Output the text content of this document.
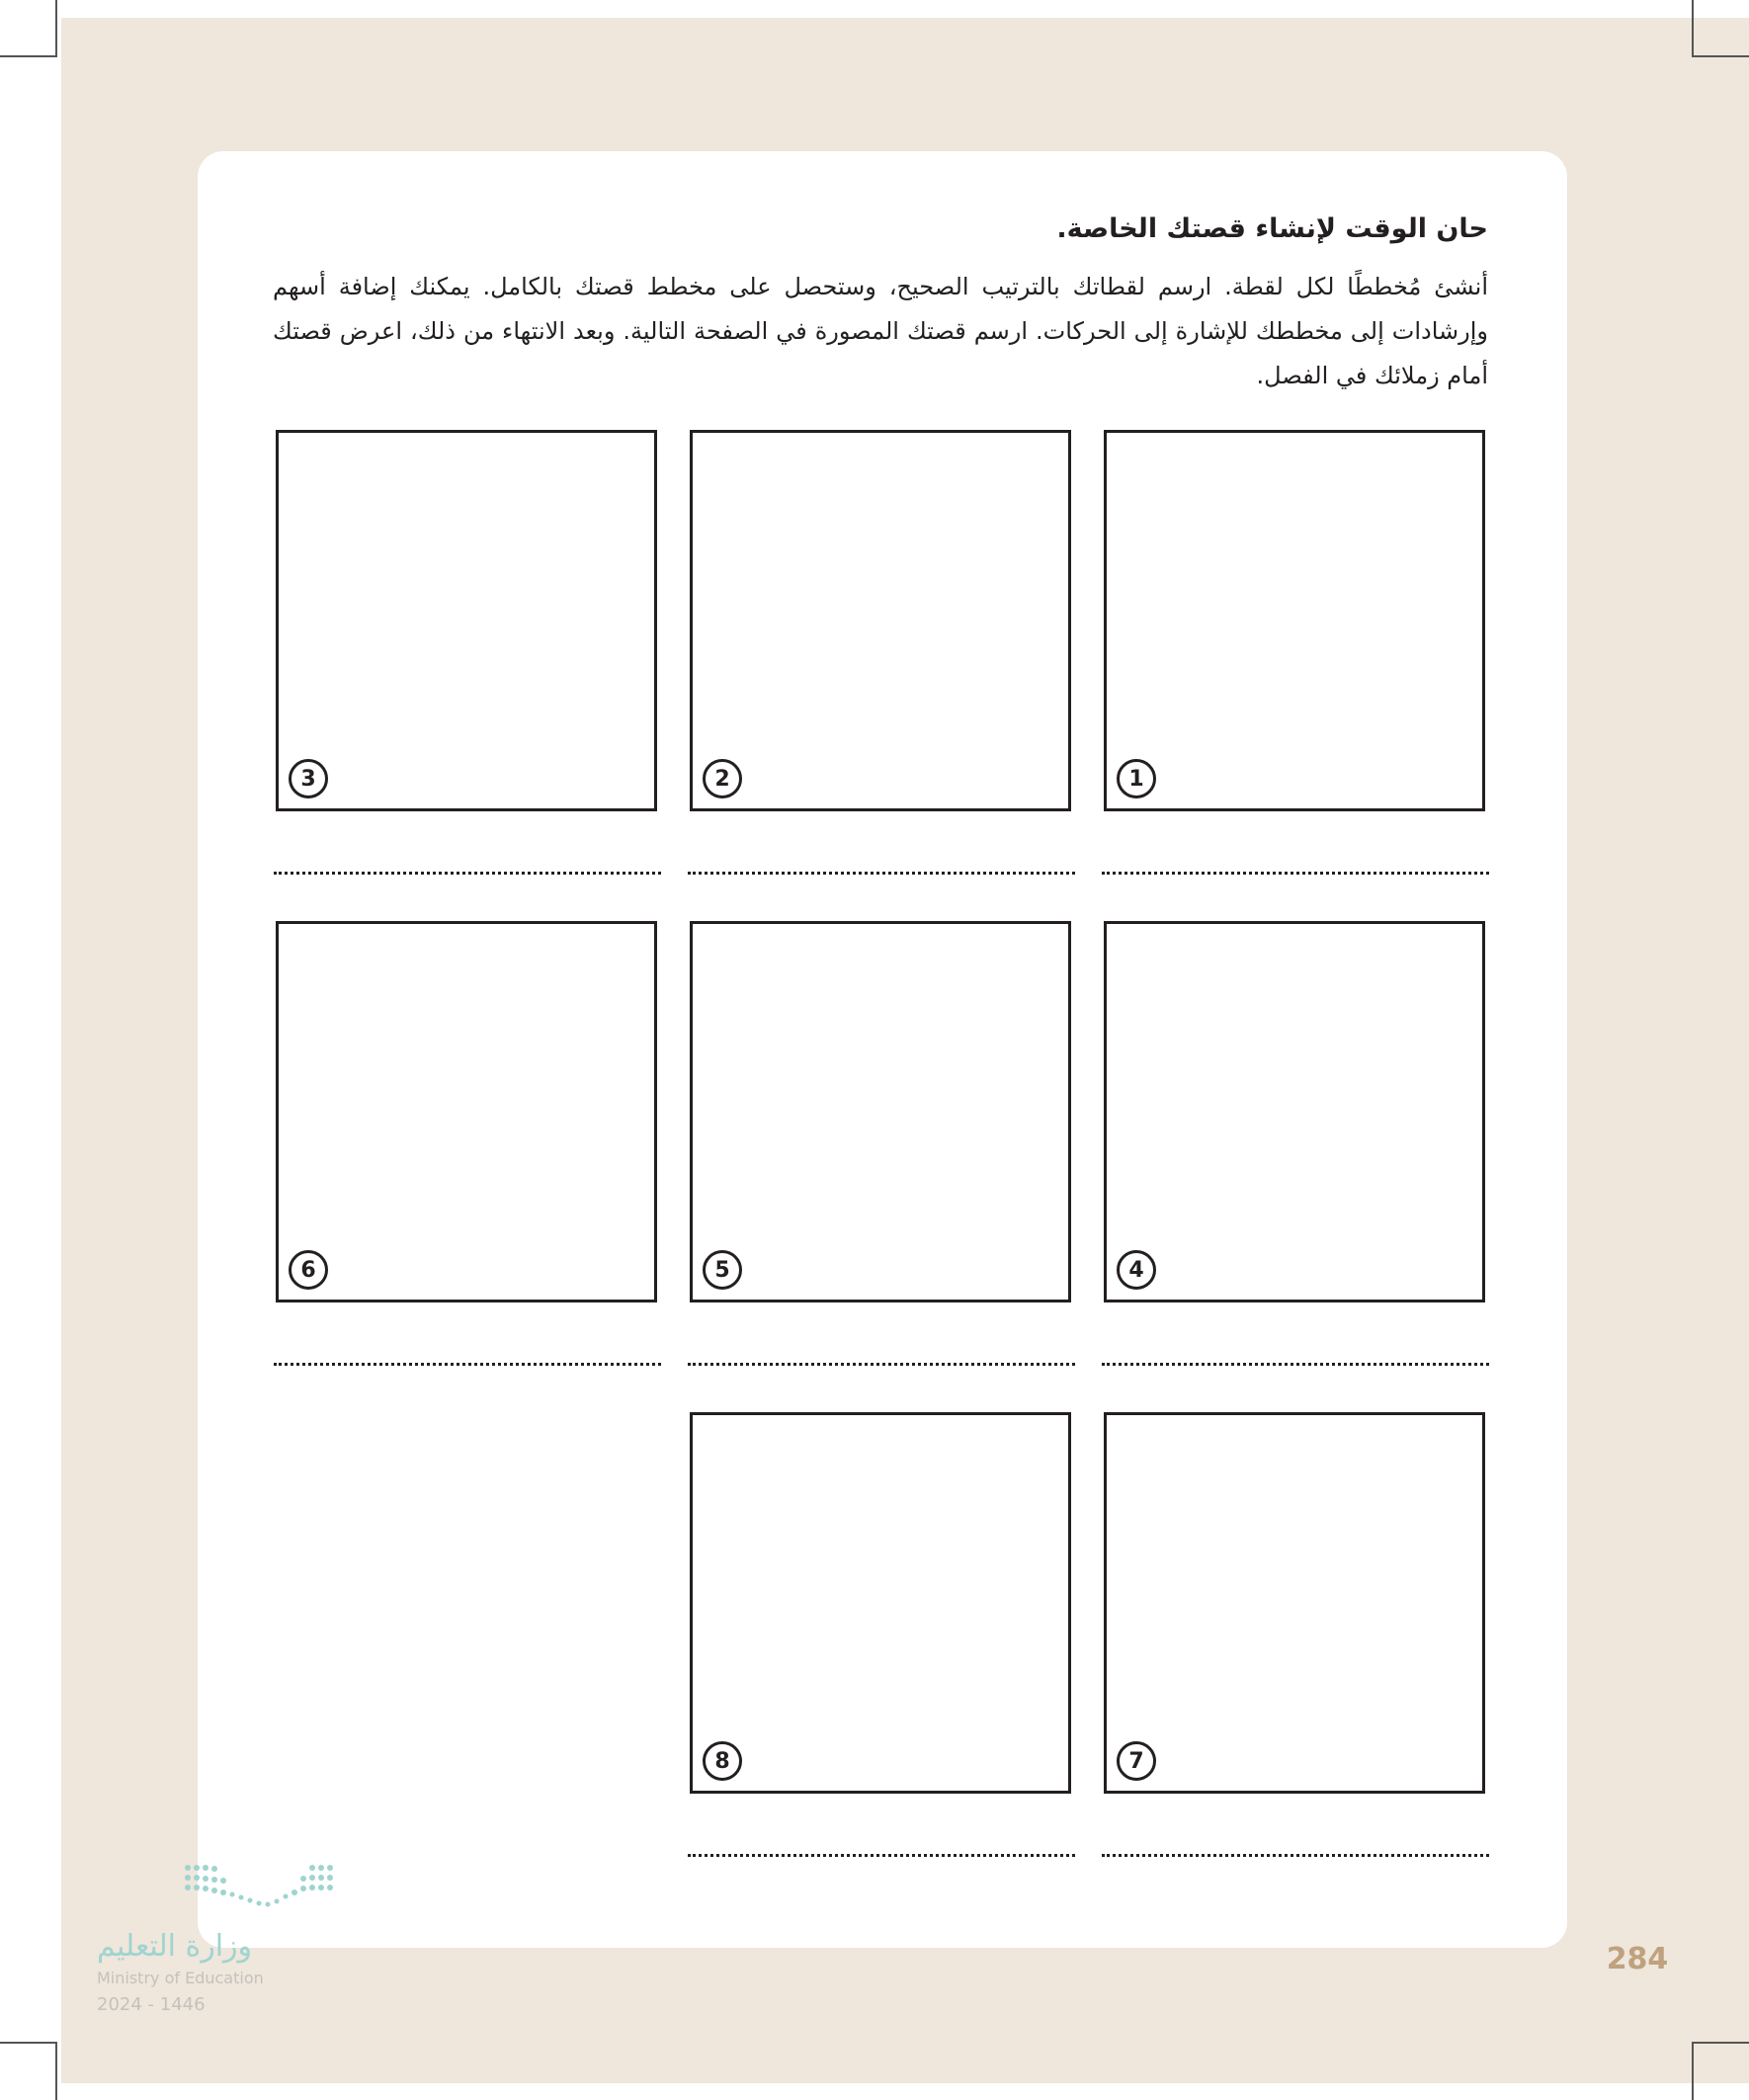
حان الوقت لإنشاء قصتك الخاصة.

أنشئ مُخططًا لكل لقطة. ارسم لقطاتك بالترتيب الصحيح، وستحصل على مخطط قصتك بالكامل. يمكنك إضافة أسهم وإرشادات إلى مخططك للإشارة إلى الحركات. ارسم قصتك المصورة في الصفحة التالية. وبعد الانتهاء من ذلك، اعرض قصتك أمام زملائك في الفصل.

1
2
3
4
5
6
7
8
وزارة التعليم
Ministry of Education
2024 - 1446
284
